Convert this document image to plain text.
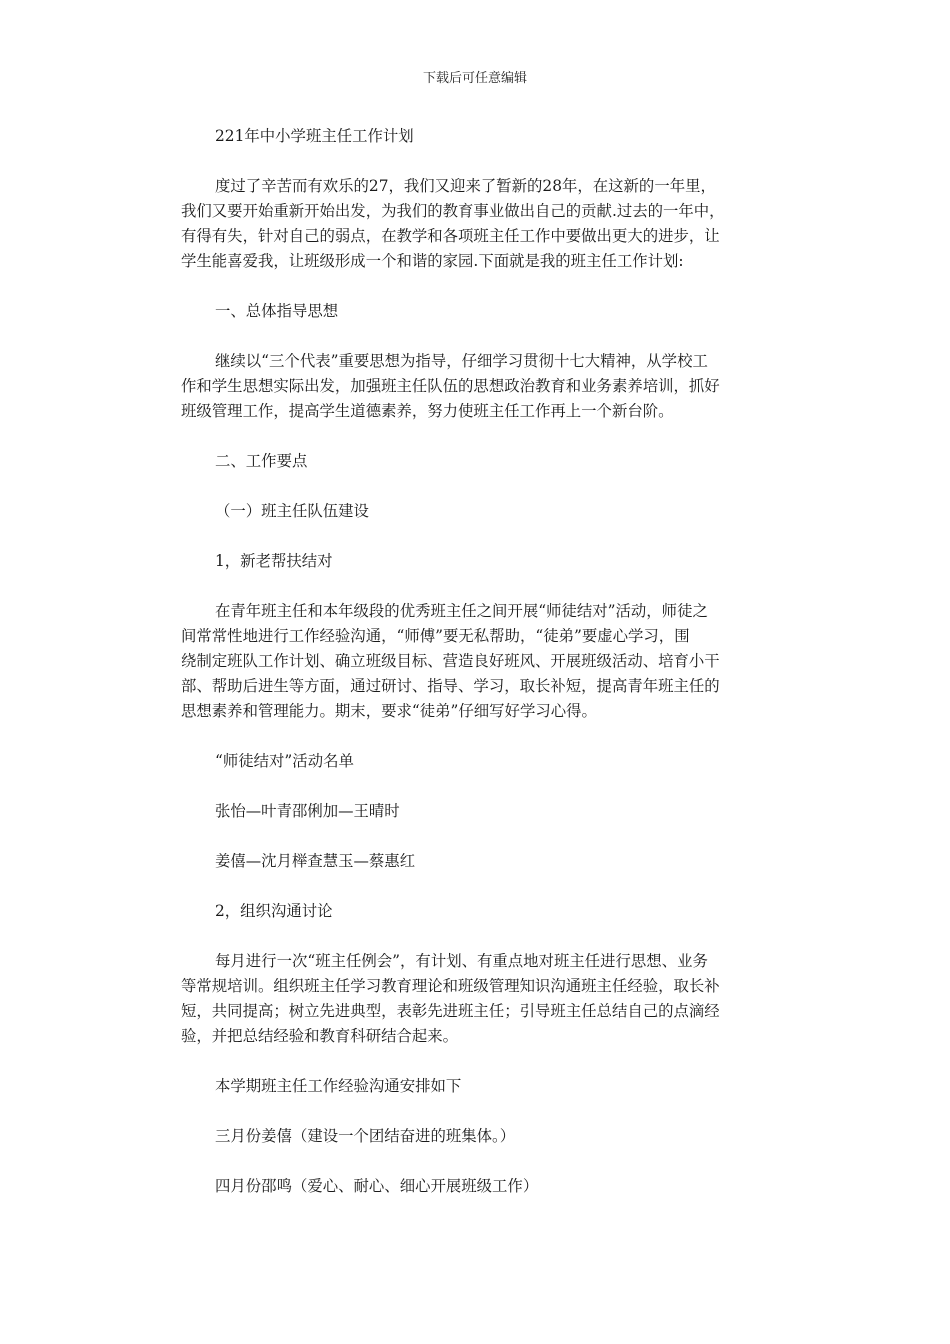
下载后可任意编辑
221年中小学班主任工作计划
度过了辛苦而有欢乐的27，我们又迎来了暂新的28年，在这新的一年里，
我们又要开始重新开始出发，为我们的教育事业做出自己的贡献.过去的一年中，
有得有失，针对自己的弱点，在教学和各项班主任工作中要做出更大的进步，让
学生能喜爱我，让班级形成一个和谐的家园.下面就是我的班主任工作计划:
一、总体指导思想
继续以“三个代表”重要思想为指导，仔细学习贯彻十七大精神，从学校工
作和学生思想实际出发，加强班主任队伍的思想政治教育和业务素养培训，抓好
班级管理工作，提高学生道德素养，努力使班主任工作再上一个新台阶。
二、工作要点
（一）班主任队伍建设
1，新老帮扶结对
在青年班主任和本年级段的优秀班主任之间开展“师徒结对”活动，师徒之
间常常性地进行工作经验沟通，“师傅”要无私帮助，“徒弟”要虚心学习，围
绕制定班队工作计划、确立班级目标、营造良好班风、开展班级活动、培育小干
部、帮助后进生等方面，通过研讨、指导、学习，取长补短，提高青年班主任的
思想素养和管理能力。期末，要求“徒弟”仔细写好学习心得。
“师徒结对”活动名单
张怡—叶青邵俐加—王晴时
姜僖—沈月榉查慧玉—蔡惠红
2，组织沟通讨论
每月进行一次“班主任例会”，有计划、有重点地对班主任进行思想、业务
等常规培训。组织班主任学习教育理论和班级管理知识沟通班主任经验，取长补
短，共同提高；树立先进典型，表彰先进班主任；引导班主任总结自己的点滴经
验，并把总结经验和教育科研结合起来。
本学期班主任工作经验沟通安排如下
三月份姜僖（建设一个团结奋进的班集体。）
四月份邵鸣（爱心、耐心、细心开展班级工作）
